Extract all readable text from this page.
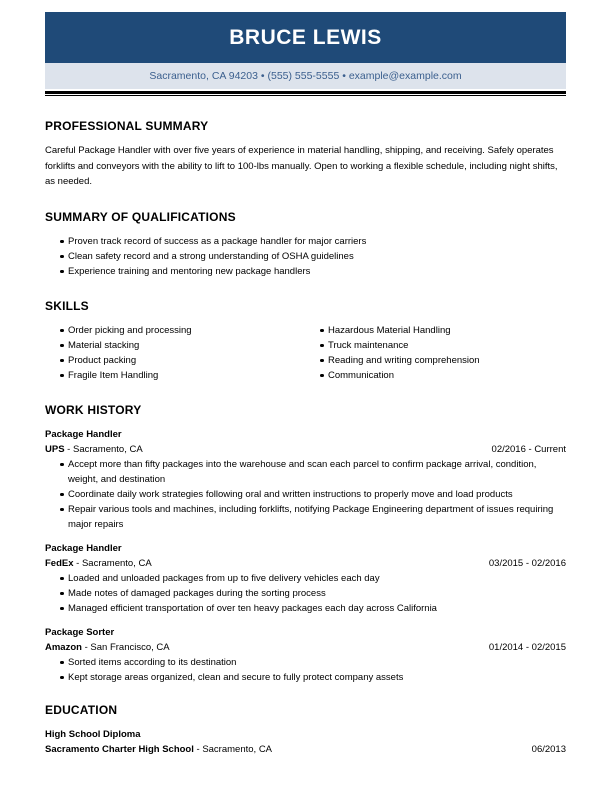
BRUCE LEWIS
Sacramento, CA 94203
•
(555) 555-5555
•
example@example.com
PROFESSIONAL SUMMARY
Careful Package Handler with over five years of experience in material handling, shipping, and receiving. Safely operates forklifts and conveyors with the ability to lift to 100-lbs manually. Open to working a flexible schedule, including night shifts, as needed.
SUMMARY OF QUALIFICATIONS
Proven track record of success as a package handler for major carriers
Clean safety record and a strong understanding of OSHA guidelines
Experience training and mentoring new package handlers
SKILLS
Order picking and processing
Material stacking
Product packing
Fragile Item Handling
Hazardous Material Handling
Truck maintenance
Reading and writing comprehension
Communication
WORK HISTORY
Package Handler
UPS - Sacramento, CA	02/2016 - Current
Accept more than fifty packages into the warehouse and scan each parcel to confirm package arrival, condition, weight, and destination
Coordinate daily work strategies following oral and written instructions to properly move and load products
Repair various tools and machines, including forklifts, notifying Package Engineering department of issues requiring major repairs
Package Handler
FedEx - Sacramento, CA	03/2015 - 02/2016
Loaded and unloaded packages from up to five delivery vehicles each day
Made notes of damaged packages during the sorting process
Managed efficient transportation of over ten heavy packages each day across California
Package Sorter
Amazon - San Francisco, CA	01/2014 - 02/2015
Sorted items according to its destination
Kept storage areas organized, clean and secure to fully protect company assets
EDUCATION
High School Diploma
Sacramento Charter High School - Sacramento, CA	06/2013
